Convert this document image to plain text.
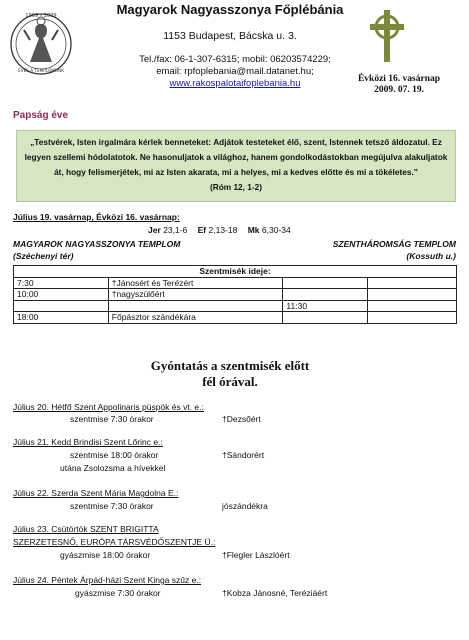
1909 – 2009
ÉVES A TEMPLOMUNK
Magyarok Nagyasszonya Főplébánia
1153 Budapest, Bácska u. 3.
Tel./fax: 06-1-307-6315; mobil: 06203574229;
email: rpfoplebania@mail.datanet.hu;
www.rakospalotaifoplebania.hu	Évközi 16. vasárnap
2009. 07. 19.
Papság éve
„Testvérek, Isten irgalmára kérlek benneteket: Adjátok testeteket élő, szent, Istennek tetsző áldozatul. Ez legyen szellemi hódolatotok. Ne hasonuljatok a világhoz, hanem gondolkodástokban megújulva alakuljatok át, hogy felismerjétek, mi az Isten akarata, mi a helyes, mi a kedves előtte és mi a tökéletes.”
(Róm 12, 1-2)
Július 19. vasárnap, Évközi 16. vasárnap:
Jer 23,1-6 Ef 2,13-18 Mk 6,30-34
MAGYAROK NAGYASSZONYA TEMPLOM
(Széchenyi tér)
SZENTHÁROMSÁG TEMPLOM
(Kossuth u.)
Szentmisék ideje:			
7:30	†Jánosért és Terézért		
10:00	†nagyszülőért		
		11:30	
18:00	Főpásztor szándékára		
Gyóntatás a szentmisék előtt
fél órával.
Július 20. Hétfő Szent Appolinaris püspök és vt. e.:
szentmise 7:30 órakor	†Dezsőért
Július 21. Kedd Brindisi Szent Lőrinc e.:
szentmise 18:00 órakor	†Sándorért
utána Zsolozsma a hívekkel
Július 22. Szerda Szent Mária Magdolna E.:
szentmise 7:30 órakor	jószándékra
Július 23. Csütörtök SZENT BRIGITTA
SZERZETESNŐ, EURÓPA TÁRSVÉDŐSZENTJE Ü.:
gyászmise 18:00 órakor	†Flegler Lászlóért
Július 24. Péntek Árpád-házi Szent Kinga szűz e.:
gyászmise 7:30 órakor	†Kobza Jánosné, Teréziáért
